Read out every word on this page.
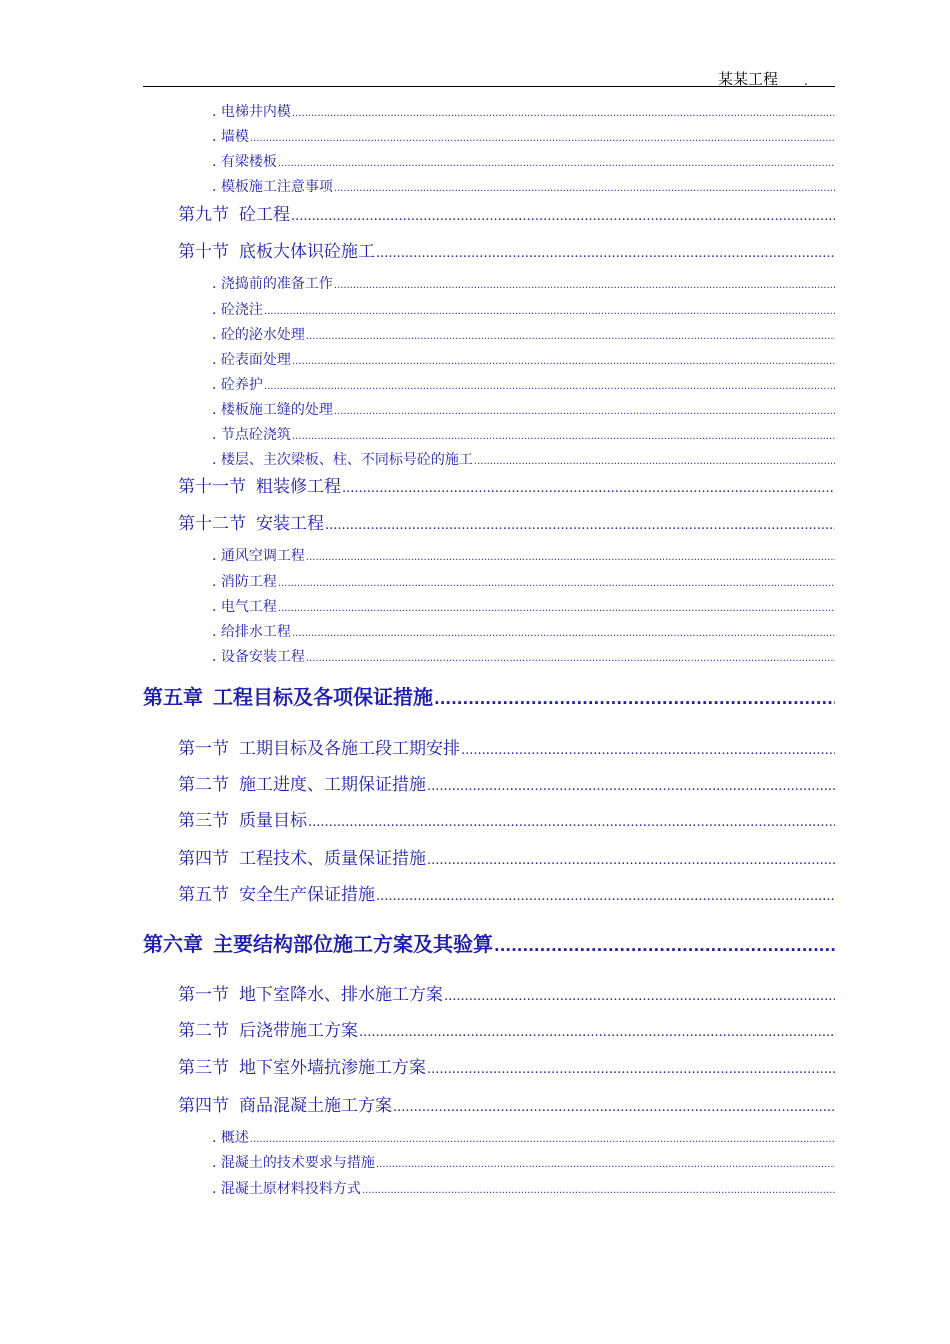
某某工程 .
. 电梯井内模
.....
. 墙模
.....
. 有梁楼板
.....
. 模板施工注意事项
.....
第九节 砼工程
.....
第十节 底板大体识砼施工
.....
. 浇捣前的准备工作
.....
. 砼浇注
.....
. 砼的泌水处理
.....
. 砼表面处理
.....
. 砼养护
.....
. 楼板施工缝的处理
.....
. 节点砼浇筑
.....
. 楼层、主次梁板、柱、不同标号砼的施工
.....
第十一节 粗装修工程
.....
第十二节 安装工程
.....
. 通风空调工程
.....
. 消防工程
.....
. 电气工程
.....
. 给排水工程
.....
. 设备安装工程
.....
第五章 工程目标及各项保证措施
.....
第一节 工期目标及各施工段工期安排
.....
第二节 施工进度、工期保证措施
.....
第三节 质量目标
.....
第四节 工程技术、质量保证措施
.....
第五节 安全生产保证措施
.....
第六章 主要结构部位施工方案及其验算
.....
第一节 地下室降水、排水施工方案
.....
第二节 后浇带施工方案
.....
第三节 地下室外墙抗渗施工方案
.....
第四节 商品混凝土施工方案
.....
. 概述
.....
. 混凝土的技术要求与措施
.....
. 混凝土原材料投料方式
.....
